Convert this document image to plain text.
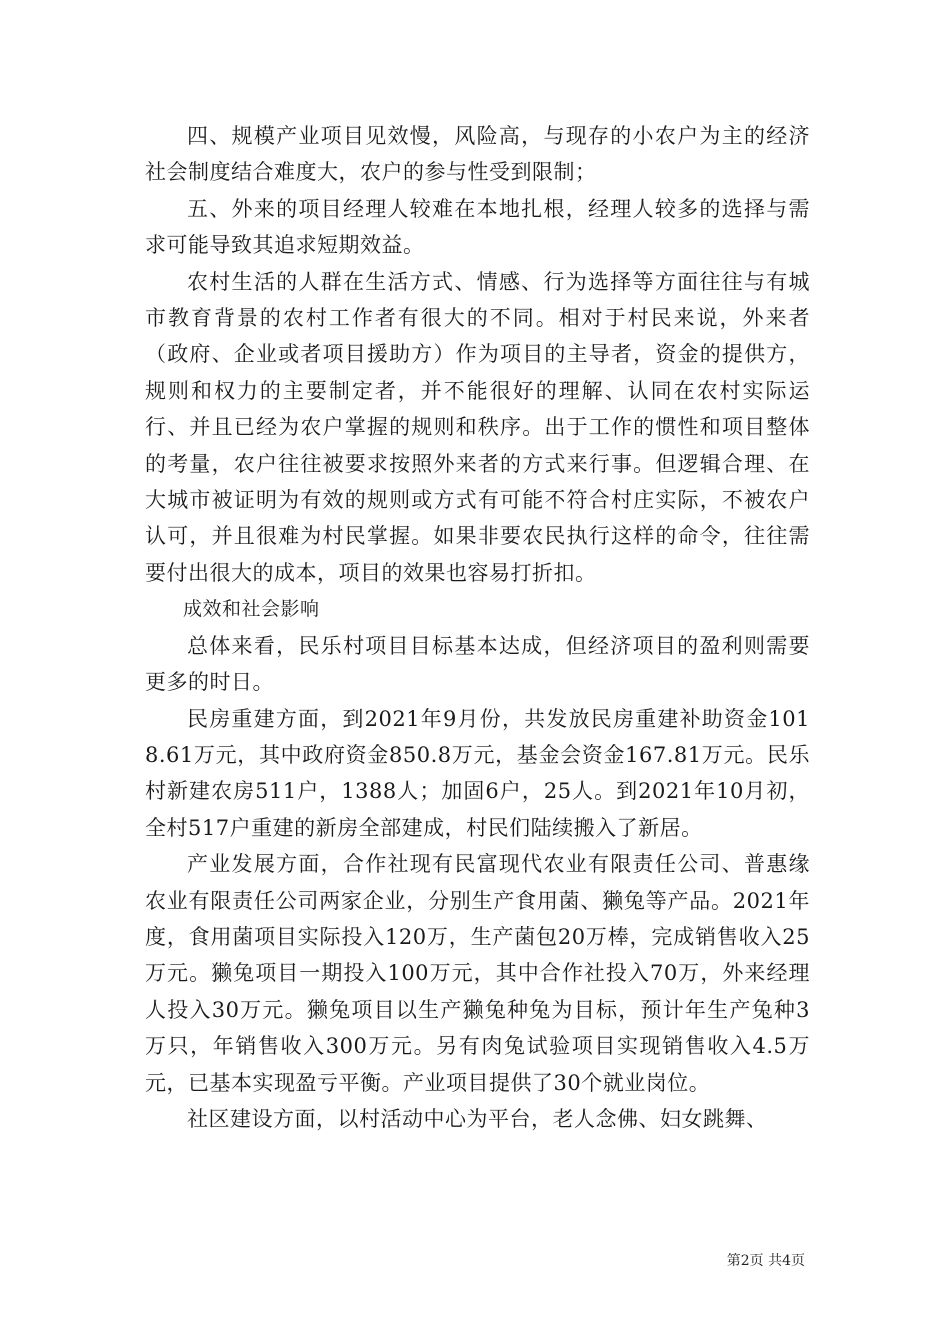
四、规模产业项目见效慢，风险高，与现存的小农户为主的经济社会制度结合难度大，农户的参与性受到限制；

五、外来的项目经理人较难在本地扎根，经理人较多的选择与需求可能导致其追求短期效益。

农村生活的人群在生活方式、情感、行为选择等方面往往与有城市教育背景的农村工作者有很大的不同。相对于村民来说，外来者（政府、企业或者项目援助方）作为项目的主导者，资金的提供方，规则和权力的主要制定者，并不能很好的理解、认同在农村实际运行、并且已经为农户掌握的规则和秩序。出于工作的惯性和项目整体的考量，农户往往被要求按照外来者的方式来行事。但逻辑合理、在大城市被证明为有效的规则或方式有可能不符合村庄实际，不被农户认可，并且很难为村民掌握。如果非要农民执行这样的命令，往往需要付出很大的成本，项目的效果也容易打折扣。

成效和社会影响

总体来看，民乐村项目目标基本达成，但经济项目的盈利则需要更多的时日。

民房重建方面，到2021年9月份，共发放民房重建补助资金1018.61万元，其中政府资金850.8万元，基金会资金167.81万元。民乐村新建农房511户，1388人；加固6户，25人。到2021年10月初，全村517户重建的新房全部建成，村民们陆续搬入了新居。

产业发展方面，合作社现有民富现代农业有限责任公司、普惠缘农业有限责任公司两家企业，分别生产食用菌、獭兔等产品。2021年度，食用菌项目实际投入120万，生产菌包20万棒，完成销售收入25万元。獭兔项目一期投入100万元，其中合作社投入70万，外来经理人投入30万元。獭兔项目以生产獭兔种兔为目标，预计年生产兔种3万只，年销售收入300万元。另有肉兔试验项目实现销售收入4.5万元，已基本实现盈亏平衡。产业项目提供了30个就业岗位。

社区建设方面，以村活动中心为平台，老人念佛、妇女跳舞、

第2页 共4页
